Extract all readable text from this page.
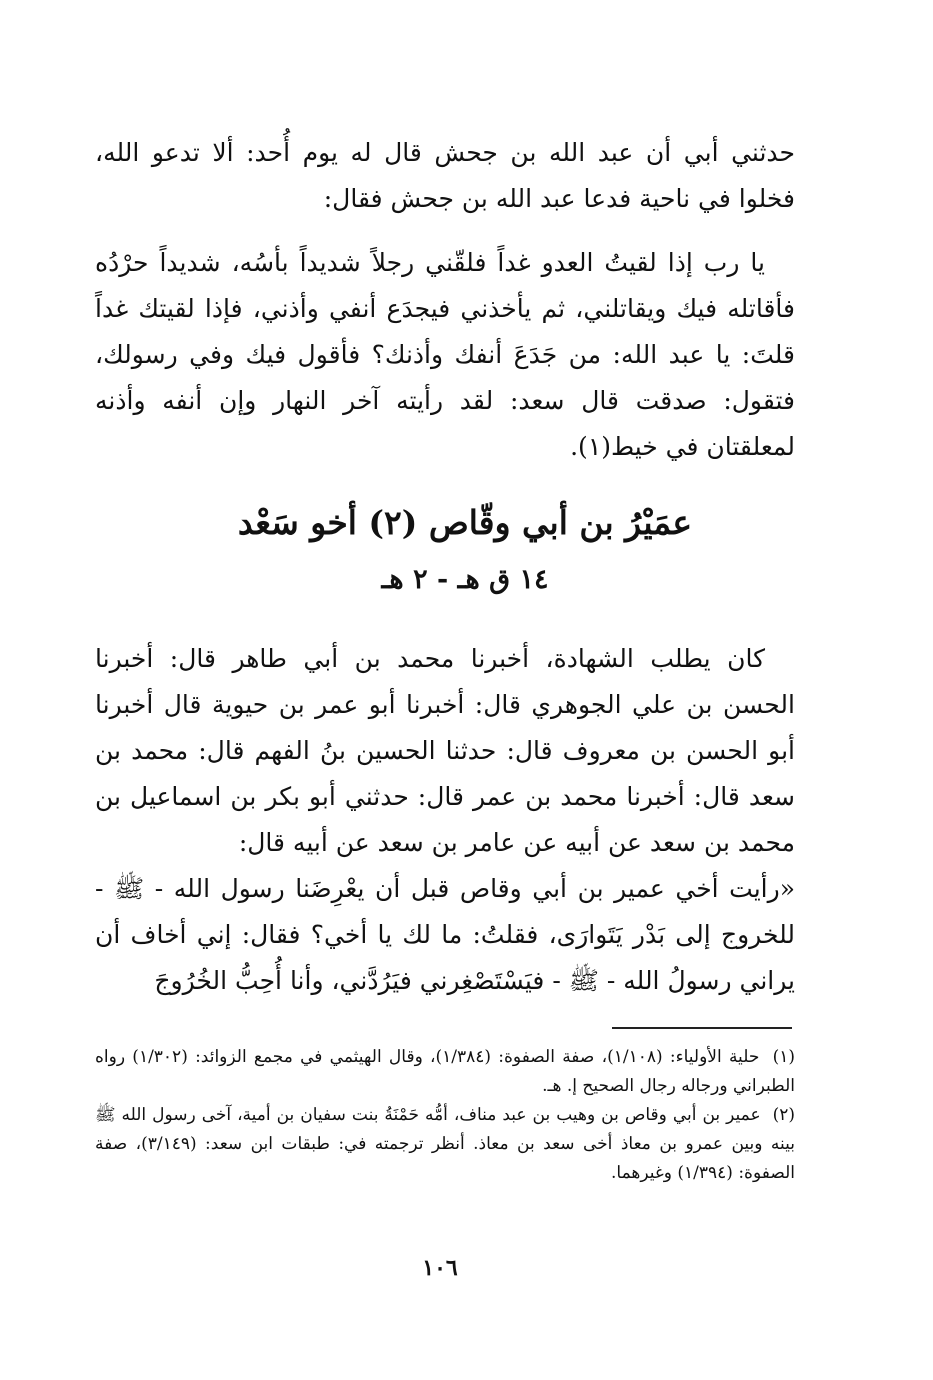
حدثني أبي أن عبد الله بن جحش قال له يوم أُحد: ألا تدعو الله، فخلوا في ناحية فدعا عبد الله بن جحش فقال:

يا رب إذا لقيتُ العدو غداً فلقّني رجلاً شديداً بأسُه، شديداً حرْدُه فأقاتله فيك ويقاتلني، ثم يأخذني فيجدَع أنفي وأذني، فإذا لقيتك غداً قلتَ: يا عبد الله: من جَدَعَ أنفك وأذنك؟ فأقول فيك وفي رسولك، فتقول: صدقت قال سعد: لقد رأيته آخر النهار وإن أنفه وأذنه لمعلقتان في خيط(١).

عمَيْرُ بن أبي وقّاص (٢) أخو سَعْد
١٤ ق هـ - ٢ هـ

كان يطلب الشهادة، أخبرنا محمد بن أبي طاهر قال: أخبرنا الحسن بن علي الجوهري قال: أخبرنا أبو عمر بن حيوية قال أخبرنا أبو الحسن بن معروف قال: حدثنا الحسين بنُ الفهم قال: محمد بن سعد قال: أخبرنا محمد بن عمر قال: حدثني أبو بكر بن اسماعيل بن محمد بن سعد عن أبيه عن عامر بن سعد عن أبيه قال:

«رأيت أخي عمير بن أبي وقاص قبل أن يعْرِضَنا رسول الله - ﷺ - للخروج إلى بَدْر يَتَوارَى، فقلتُ: ما لك يا أخي؟ فقال: إني أخاف أن يراني رسولُ الله - ﷺ - فيَسْتَصْغِرني فيَرُدَّني، وأنا أُحِبُّ الخُرُوجَ

(١) حلية الأولياء: (١/١٠٨)، صفة الصفوة: (١/٣٨٤)، وقال الهيثمي في مجمع الزوائد: (١/٣٠٢) رواه الطبراني ورجاله رجال الصحيح إ. هـ.

(٢) عمير بن أبي وقاص بن وهيب بن عبد مناف، أمُّه حَمْنَةُ بنت سفيان بن أمية، آخى رسول الله ﷺ بينه وبين عمرو بن معاذ أخى سعد بن معاذ. أنظر ترجمته في: طبقات ابن سعد: (٣/١٤٩)، صفة الصفوة: (١/٣٩٤) وغيرهما.

١٠٦
